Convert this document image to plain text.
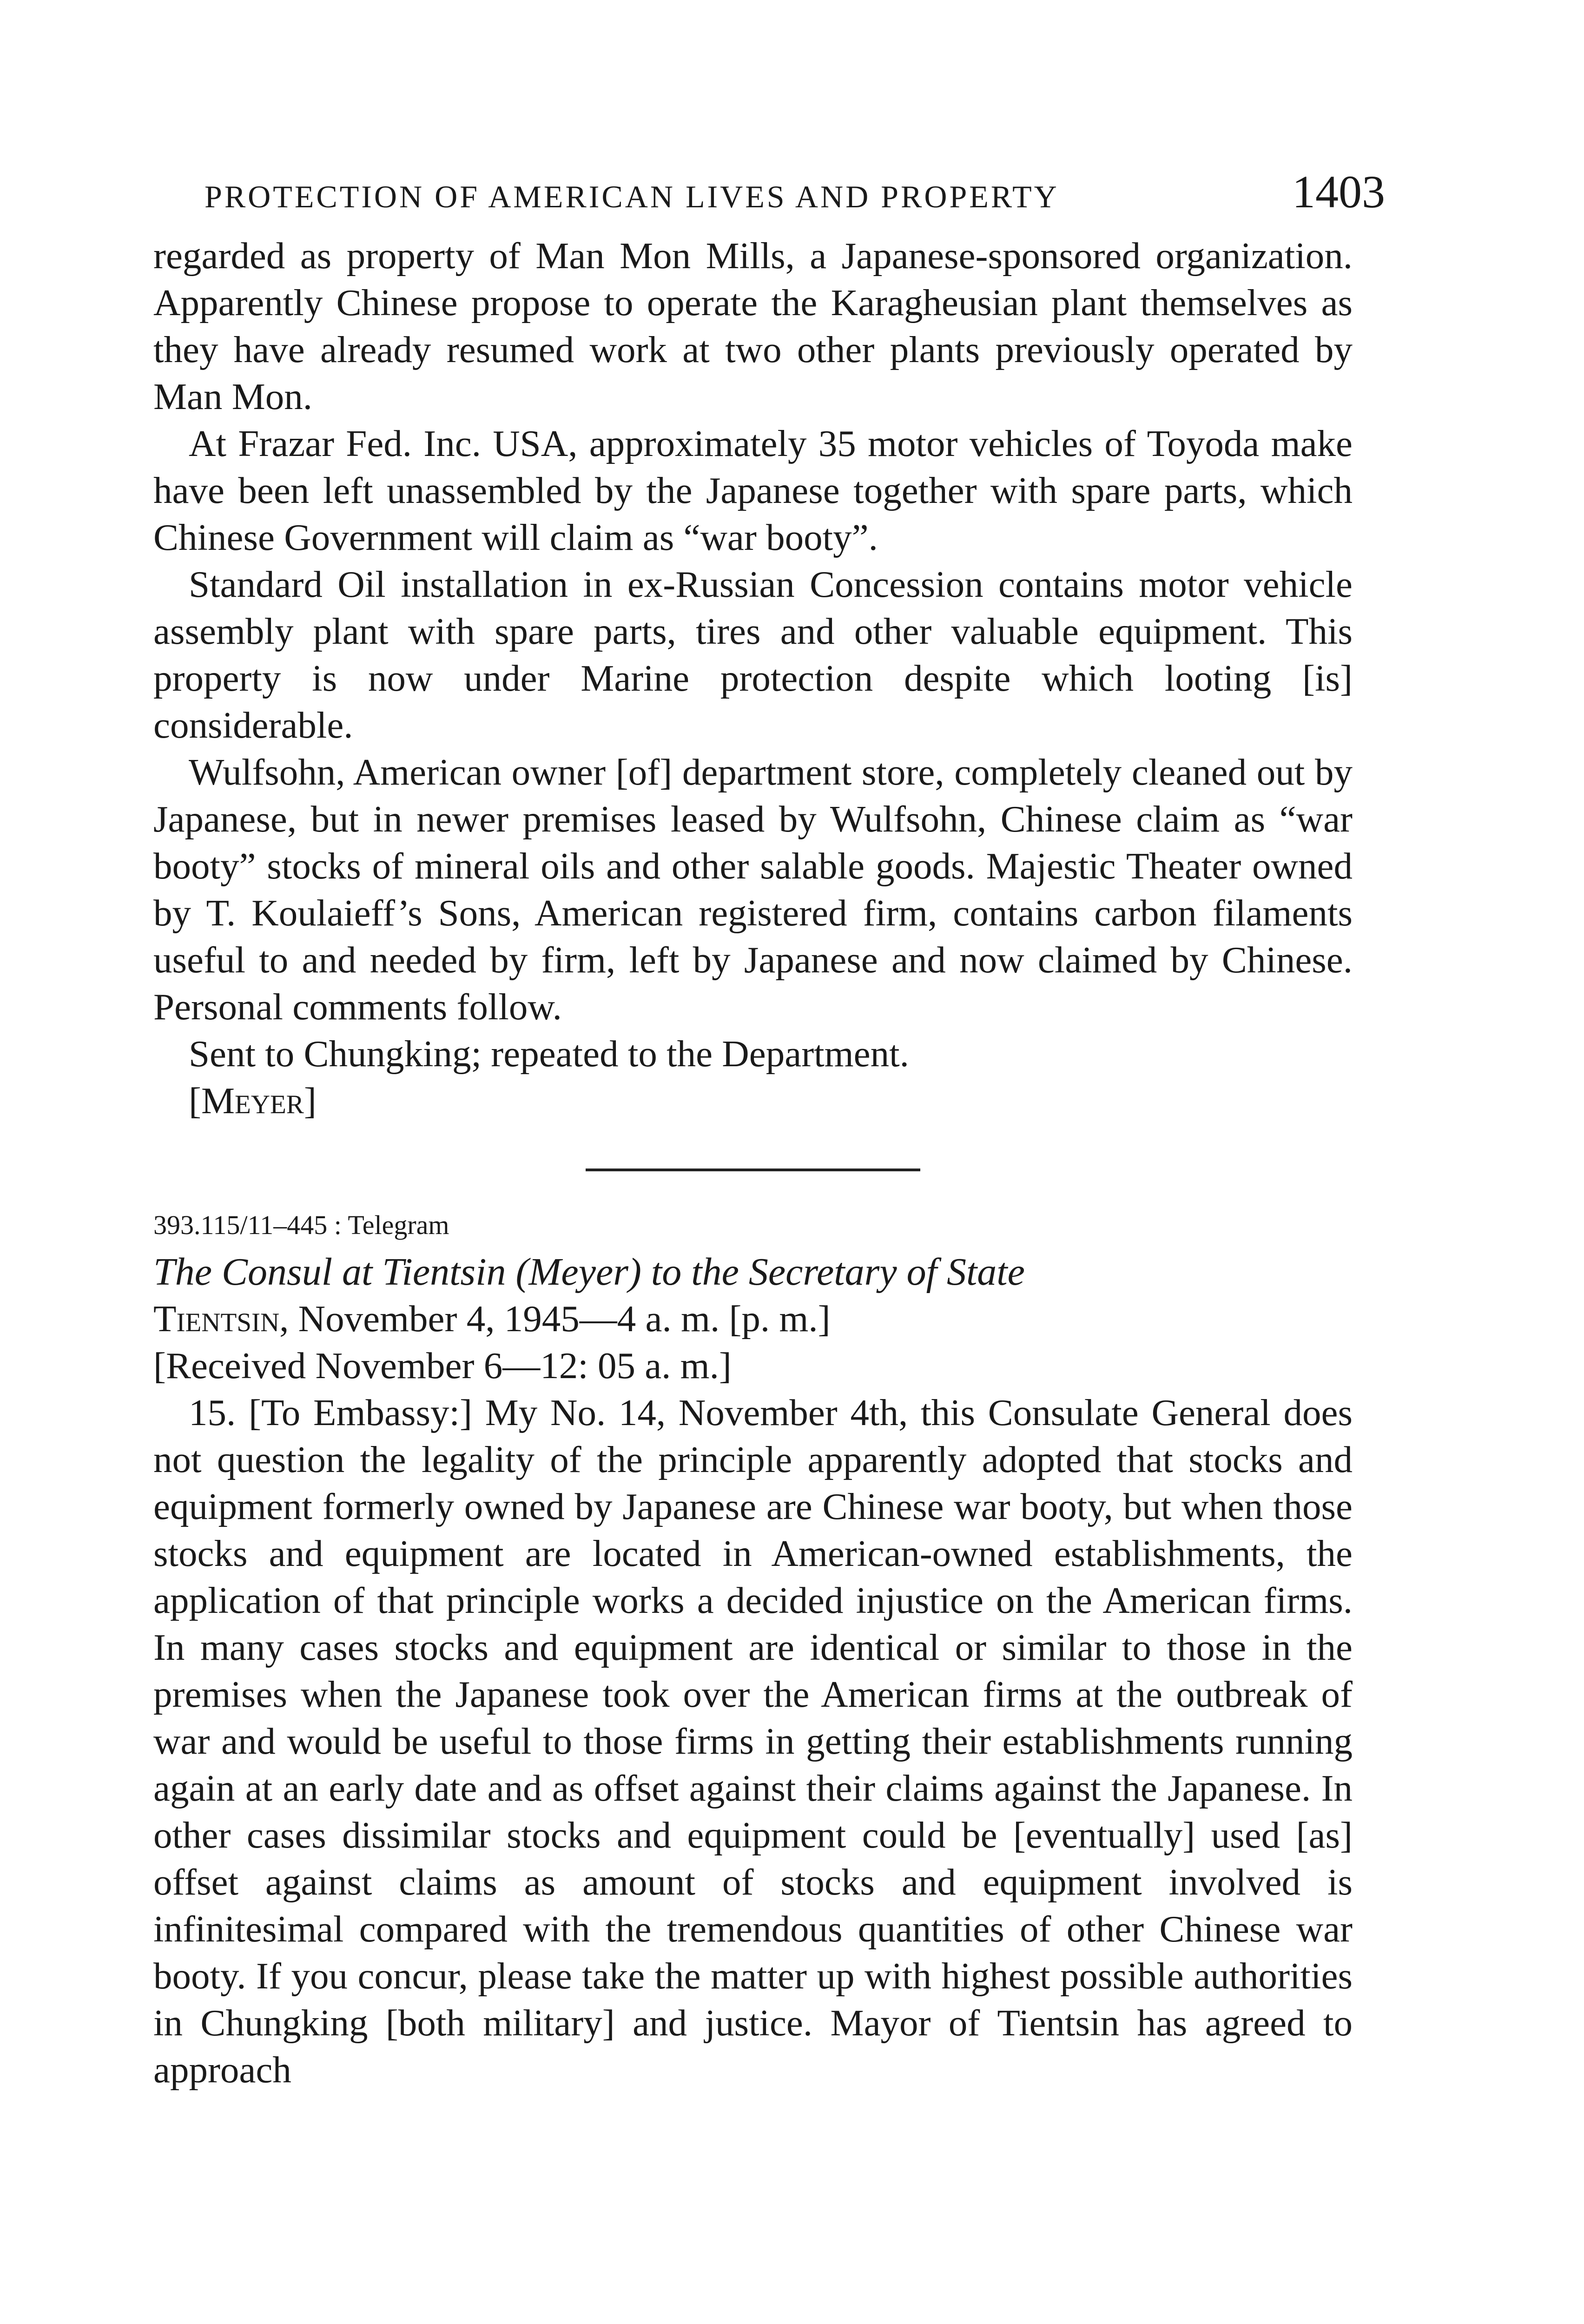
PROTECTION OF AMERICAN LIVES AND PROPERTY	1403

regarded as property of Man Mon Mills, a Japanese-sponsored organization. Apparently Chinese propose to operate the Karagheusian plant themselves as they have already resumed work at two other plants previously operated by Man Mon.

At Frazar Fed. Inc. USA, approximately 35 motor vehicles of Toyoda make have been left unassembled by the Japanese together with spare parts, which Chinese Government will claim as “war booty”.

Standard Oil installation in ex-Russian Concession contains motor vehicle assembly plant with spare parts, tires and other valuable equipment. This property is now under Marine protection despite which looting [is] considerable.

Wulfsohn, American owner [of] department store, completely cleaned out by Japanese, but in newer premises leased by Wulfsohn, Chinese claim as “war booty” stocks of mineral oils and other salable goods. Majestic Theater owned by T. Koulaieff’s Sons, American registered firm, contains carbon filaments useful to and needed by firm, left by Japanese and now claimed by Chinese. Personal comments follow.

Sent to Chungking; repeated to the Department.

[Meyer]

393.115/11–445 : Telegram

The Consul at Tientsin (Meyer) to the Secretary of State

Tientsin, November 4, 1945—4 a. m. [p. m.]

[Received November 6—12: 05 a. m.]

15. [To Embassy:] My No. 14, November 4th, this Consulate General does not question the legality of the principle apparently adopted that stocks and equipment formerly owned by Japanese are Chinese war booty, but when those stocks and equipment are located in American-owned establishments, the application of that principle works a decided injustice on the American firms. In many cases stocks and equipment are identical or similar to those in the premises when the Japanese took over the American firms at the outbreak of war and would be useful to those firms in getting their establishments running again at an early date and as offset against their claims against the Japanese. In other cases dissimilar stocks and equipment could be [eventually] used [as] offset against claims as amount of stocks and equipment involved is infinitesimal compared with the tremendous quantities of other Chinese war booty. If you concur, please take the matter up with highest possible authorities in Chungking [both military] and justice. Mayor of Tientsin has agreed to approach
